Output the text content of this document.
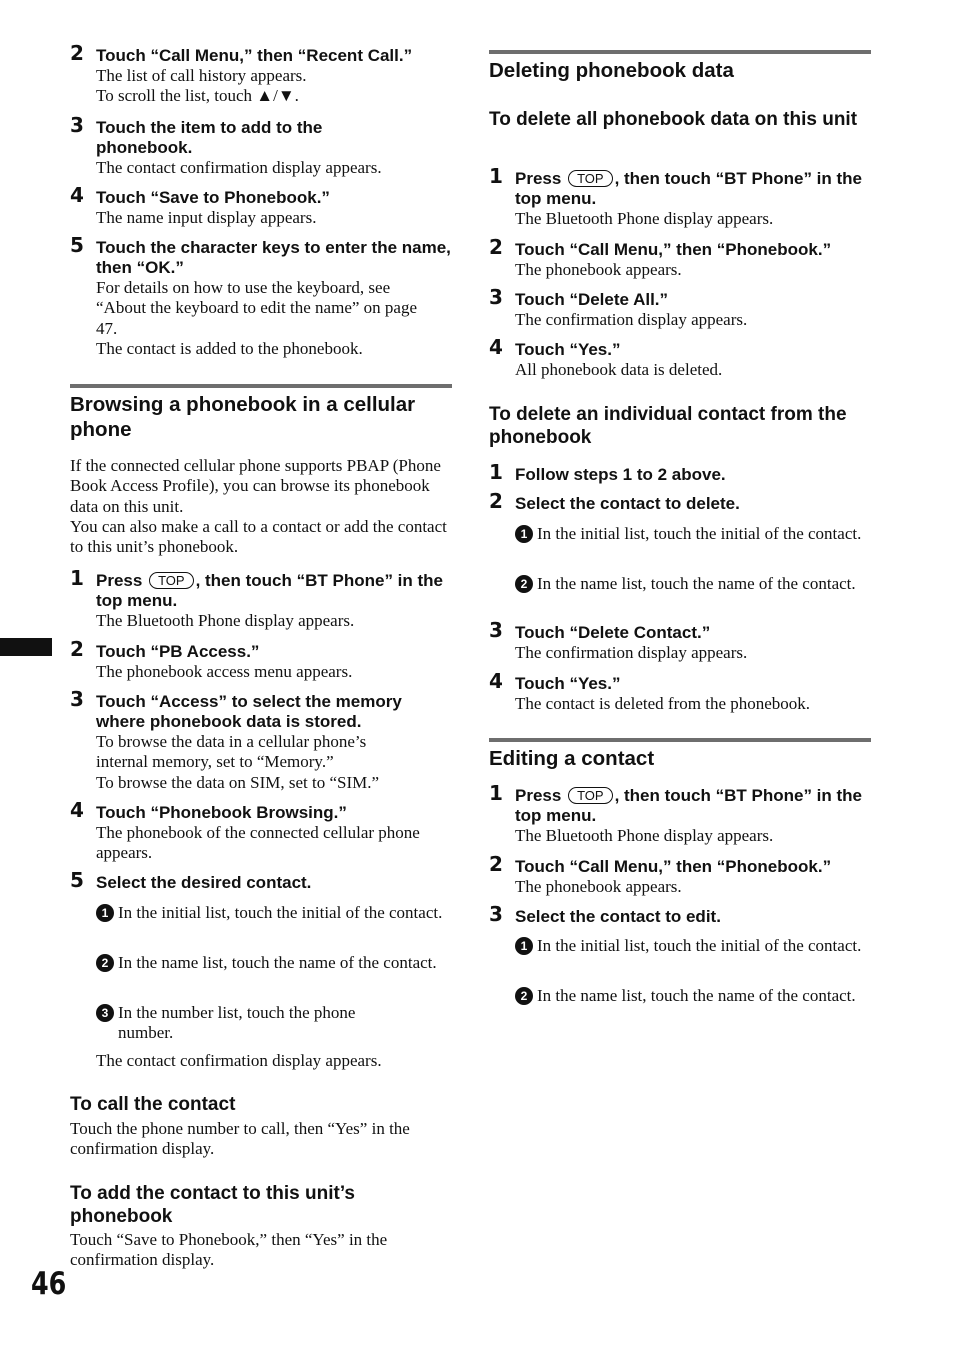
2 Touch “Call Menu,” then “Recent Call.”
The list of call history appears.
To scroll the list, touch ▲/▼.
3 Touch the item to add to the phonebook.
The contact confirmation display appears.
4 Touch “Save to Phonebook.”
The name input display appears.
5 Touch the character keys to enter the name, then “OK.”
For details on how to use the keyboard, see “About the keyboard to edit the name” on page 47.
The contact is added to the phonebook.
Browsing a phonebook in a cellular phone
If the connected cellular phone supports PBAP (Phone Book Access Profile), you can browse its phonebook data on this unit.
You can also make a call to a contact or add the contact to this unit’s phonebook.
1 Press TOP , then touch “BT Phone” in the top menu.
The Bluetooth Phone display appears.
2 Touch “PB Access.”
The phonebook access menu appears.
3 Touch “Access” to select the memory where phonebook data is stored.
To browse the data in a cellular phone’s internal memory, set to “Memory.”
To browse the data on SIM, set to “SIM.”
4 Touch “Phonebook Browsing.”
The phonebook of the connected cellular phone appears.
5 Select the desired contact.
1 In the initial list, touch the initial of the contact.
2 In the name list, touch the name of the contact.
3 In the number list, touch the phone number.
The contact confirmation display appears.
To call the contact
Touch the phone number to call, then “Yes” in the confirmation display.
To add the contact to this unit’s phonebook
Touch “Save to Phonebook,” then “Yes” in the confirmation display.
Deleting phonebook data
To delete all phonebook data on this unit
1 Press TOP , then touch “BT Phone” in the top menu.
The Bluetooth Phone display appears.
2 Touch “Call Menu,” then “Phonebook.”
The phonebook appears.
3 Touch “Delete All.”
The confirmation display appears.
4 Touch “Yes.”
All phonebook data is deleted.
To delete an individual contact from the phonebook
1 Follow steps 1 to 2 above.
2 Select the contact to delete.
1 In the initial list, touch the initial of the contact.
2 In the name list, touch the name of the contact.
3 Touch “Delete Contact.”
The confirmation display appears.
4 Touch “Yes.”
The contact is deleted from the phonebook.
Editing a contact
1 Press TOP , then touch “BT Phone” in the top menu.
The Bluetooth Phone display appears.
2 Touch “Call Menu,” then “Phonebook.”
The phonebook appears.
3 Select the contact to edit.
1 In the initial list, touch the initial of the contact.
2 In the name list, touch the name of the contact.
46
